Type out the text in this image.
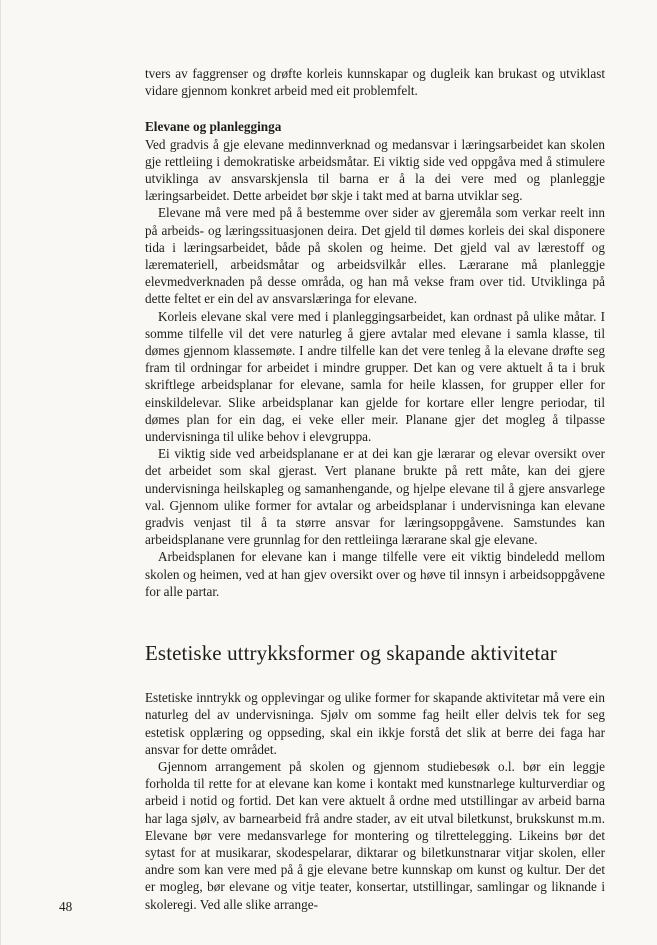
tvers av faggrenser og drøfte korleis kunnskapar og dugleik kan brukast og utviklast vidare gjennom konkret arbeid med eit problemfelt.

Elevane og planlegginga

Ved gradvis å gje elevane medinnverknad og medansvar i læringsarbeidet kan skolen gje rettleiing i demokratiske arbeidsmåtar. Ei viktig side ved oppgåva med å stimulere utviklinga av ansvarskjensla til barna er å la dei vere med og planleggje læringsarbeidet. Dette arbeidet bør skje i takt med at barna utviklar seg.

Elevane må vere med på å bestemme over sider av gjeremåla som verkar reelt inn på arbeids- og læringssituasjonen deira. Det gjeld til dømes korleis dei skal disponere tida i læringsarbeidet, både på skolen og heime. Det gjeld val av lærestoff og læremateriell, arbeidsmåtar og arbeidsvilkår elles. Lærarane må planleggje elevmedverknaden på desse områda, og han må vekse fram over tid. Utviklinga på dette feltet er ein del av ansvarslæringa for elevane.

Korleis elevane skal vere med i planleggingsarbeidet, kan ordnast på ulike måtar. I somme tilfelle vil det vere naturleg å gjere avtalar med elevane i samla klasse, til dømes gjennom klassemøte. I andre tilfelle kan det vere tenleg å la elevane drøfte seg fram til ordningar for arbeidet i mindre grupper. Det kan og vere aktuelt å ta i bruk skriftlege arbeidsplanar for elevane, samla for heile klassen, for grupper eller for einskildelevar. Slike arbeidsplanar kan gjelde for kortare eller lengre periodar, til dømes plan for ein dag, ei veke eller meir. Planane gjer det mogleg å tilpasse undervisninga til ulike behov i elevgruppa.

Ei viktig side ved arbeidsplanane er at dei kan gje lærarar og elevar oversikt over det arbeidet som skal gjerast. Vert planane brukte på rett måte, kan dei gjere undervisninga heilskapleg og samanhengande, og hjelpe elevane til å gjere ansvarlege val. Gjennom ulike former for avtalar og arbeidsplanar i undervisninga kan elevane gradvis venjast til å ta større ansvar for læringsoppgåvene. Samstundes kan arbeidsplanane vere grunnlag for den rettleiinga lærarane skal gje elevane.

Arbeidsplanen for elevane kan i mange tilfelle vere eit viktig bindeledd mellom skolen og heimen, ved at han gjev oversikt over og høve til innsyn i arbeidsoppgåvene for alle partar.

Estetiske uttrykksformer og skapande aktivitetar

Estetiske inntrykk og opplevingar og ulike former for skapande aktivitetar må vere ein naturleg del av undervisninga. Sjølv om somme fag heilt eller delvis tek for seg estetisk opplæring og oppseding, skal ein ikkje forstå det slik at berre dei faga har ansvar for dette området.

Gjennom arrangement på skolen og gjennom studiebesøk o.l. bør ein leggje forholda til rette for at elevane kan kome i kontakt med kunstnarlege kulturverdiar og arbeid i notid og fortid. Det kan vere aktuelt å ordne med utstillingar av arbeid barna har laga sjølv, av barnearbeid frå andre stader, av eit utval biletkunst, brukskunst m.m. Elevane bør vere medansvarlege for montering og tilrettelegging. Likeins bør det sytast for at musikarar, skodespelarar, diktarar og biletkunstnarar vitjar skolen, eller andre som kan vere med på å gje elevane betre kunnskap om kunst og kultur. Der det er mogleg, bør elevane og vitje teater, konsertar, utstillingar, samlingar og liknande i skoleregi. Ved alle slike arrange-

48
